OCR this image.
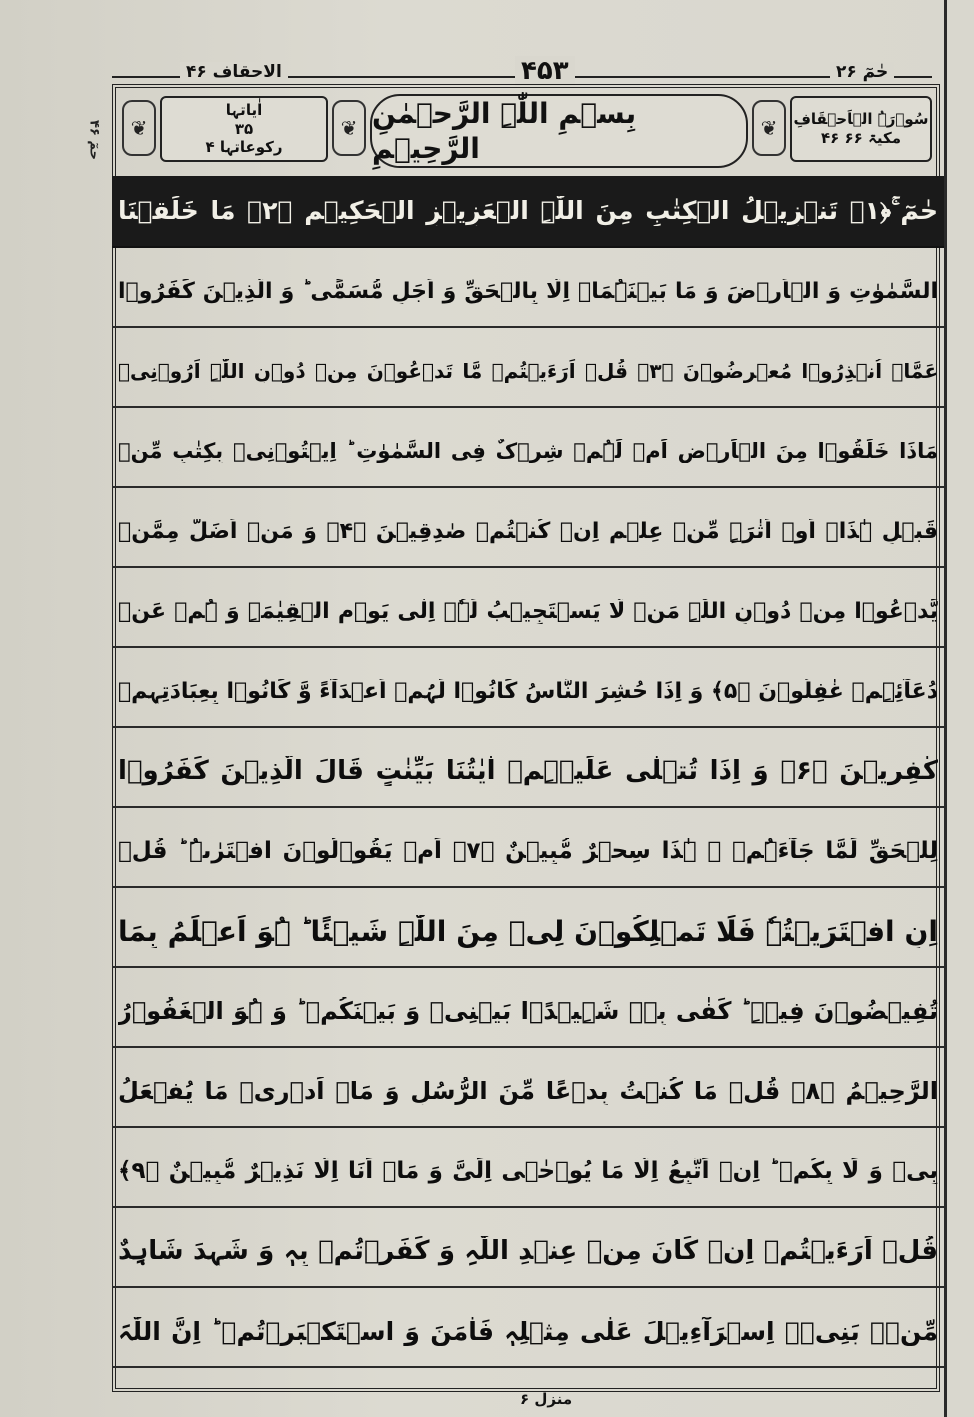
الاحقاف ۴۶	۴۵۳	حٰمٓ ۲۶
۴۶ حمٓ
❦
اٰیاتہا
۳۵
رکوعاتہا ۴
❦ بِسۡمِ اللّٰہِ الرَّحۡمٰنِ الرَّحِیۡمِ
❦	سُوۡرَۃُ الۡاَحۡقَافِ
۴۶ مکیۃ ۶۶
حٰمٓ ۚ﴿۱﴾ تَنۡزِیۡلُ الۡکِتٰبِ مِنَ اللّٰہِ الۡعَزِیۡزِ الۡحَکِیۡمِ ﴿۲﴾ مَا خَلَقۡنَا
السَّمٰوٰتِ وَ الۡاَرۡضَ وَ مَا بَیۡنَہُمَاۤ اِلَّا بِالۡحَقِّ وَ اَجَلٍ مُّسَمًّی ؕ وَ الَّذِیۡنَ کَفَرُوۡا
عَمَّاۤ اُنۡذِرُوۡا مُعۡرِضُوۡنَ ﴿۳﴾ قُلۡ اَرَءَیۡتُمۡ مَّا تَدۡعُوۡنَ مِنۡ دُوۡنِ اللّٰہِ اَرُوۡنِیۡ
مَاذَا خَلَقُوۡا مِنَ الۡاَرۡضِ اَمۡ لَہُمۡ شِرۡکٌ فِی السَّمٰوٰتِ ؕ اِیۡتُوۡنِیۡ بِکِتٰبٍ مِّنۡ
قَبۡلِ ہٰذَاۤ اَوۡ اَثٰرَۃٍ مِّنۡ عِلۡمٍ اِنۡ کُنۡتُمۡ صٰدِقِیۡنَ ﴿۴﴾ وَ مَنۡ اَضَلُّ مِمَّنۡ
یَّدۡعُوۡا مِنۡ دُوۡنِ اللّٰہِ مَنۡ لَّا یَسۡتَجِیۡبُ لَہٗۤ اِلٰی یَوۡمِ الۡقِیٰمَۃِ وَ ہُمۡ عَنۡ
دُعَآئِہِمۡ غٰفِلُوۡنَ ﴿۵﴾ وَ اِذَا حُشِرَ النَّاسُ کَانُوۡا لَہُمۡ اَعۡدَآءً وَّ کَانُوۡا بِعِبَادَتِہِمۡ
کٰفِرِیۡنَ ﴿۶﴾ وَ اِذَا تُتۡلٰی عَلَیۡہِمۡ اٰیٰتُنَا بَیِّنٰتٍ قَالَ الَّذِیۡنَ کَفَرُوۡا
لِلۡحَقِّ لَمَّا جَآءَہُمۡ ۙ ہٰذَا سِحۡرٌ مُّبِیۡنٌ ﴿۷﴾ اَمۡ یَقُوۡلُوۡنَ افۡتَرٰىہُ ؕ قُلۡ
اِنِ افۡتَرَیۡتُہٗ فَلَا تَمۡلِکُوۡنَ لِیۡ مِنَ اللّٰہِ شَیۡئًا ؕ ہُوَ اَعۡلَمُ بِمَا
تُفِیۡضُوۡنَ فِیۡہِ ؕ کَفٰی بِہٖ شَہِیۡدًۢا بَیۡنِیۡ وَ بَیۡنَکُمۡ ؕ وَ ہُوَ الۡغَفُوۡرُ
الرَّحِیۡمُ ﴿۸﴾ قُلۡ مَا کُنۡتُ بِدۡعًا مِّنَ الرُّسُلِ وَ مَاۤ اَدۡرِیۡ مَا یُفۡعَلُ
بِیۡ وَ لَا بِکُمۡ ؕ اِنۡ اَتَّبِعُ اِلَّا مَا یُوۡحٰۤی اِلَیَّ وَ مَاۤ اَنَا اِلَّا نَذِیۡرٌ مُّبِیۡنٌ ﴿۹﴾
قُلۡ اَرَءَیۡتُمۡ اِنۡ کَانَ مِنۡ عِنۡدِ اللّٰہِ وَ کَفَرۡتُمۡ بِہٖ وَ شَہِدَ شَاہِدٌ
مِّنۡۢ بَنِیۡۤ اِسۡرَآءِیۡلَ عَلٰی مِثۡلِہٖ فَاٰمَنَ وَ اسۡتَکۡبَرۡتُمۡ ؕ اِنَّ اللّٰہَ
منزل ۶
